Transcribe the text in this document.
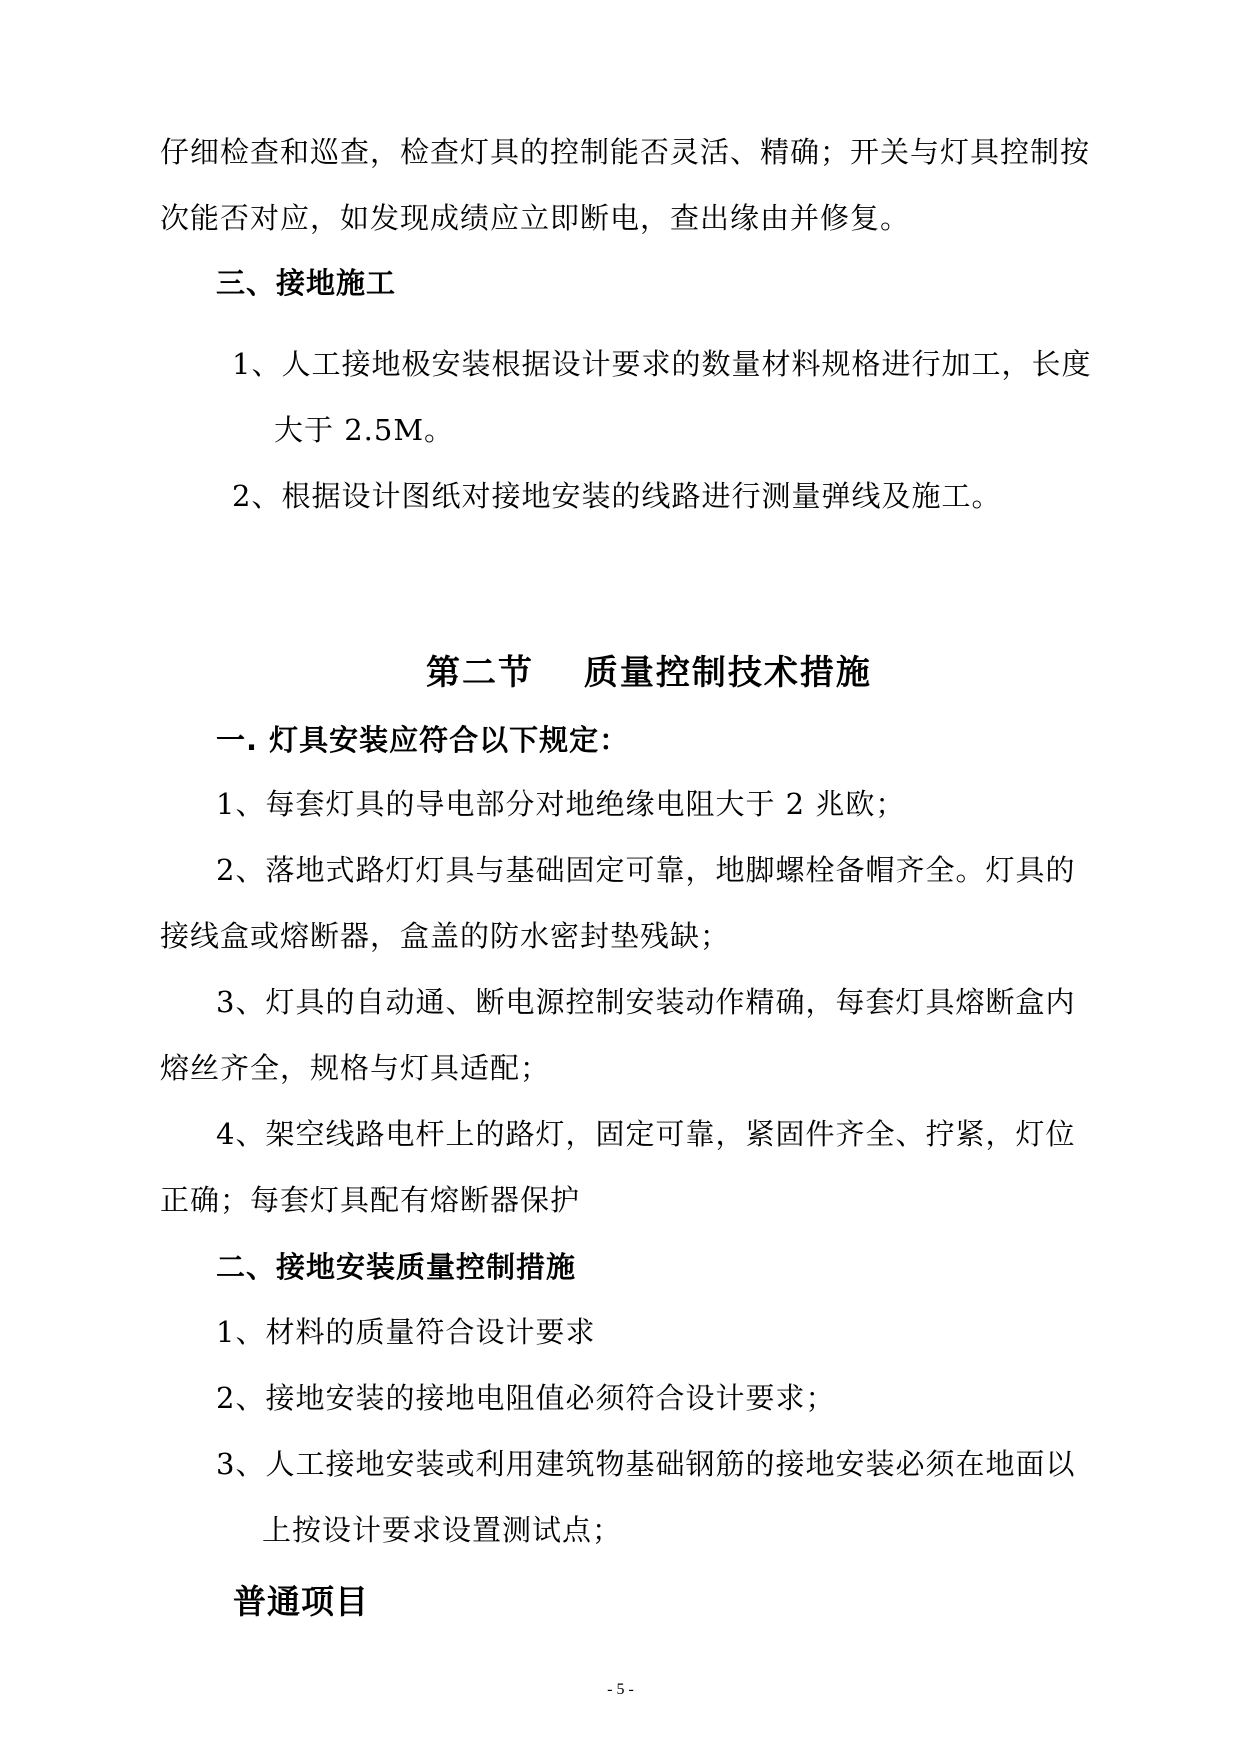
仔细检查和巡查，检查灯具的控制能否灵活、精确；开关与灯具控制按
次能否对应，如发现成绩应立即断电，查出缘由并修复。
三、接地施工
1、人工接地极安装根据设计要求的数量材料规格进行加工，长度
大于 2.5M。
2、根据设计图纸对接地安装的线路进行测量弹线及施工。
第二节　 质量控制技术措施
一. 灯具安装应符合以下规定：
1、每套灯具的导电部分对地绝缘电阻大于 2 兆欧；
2、落地式路灯灯具与基础固定可靠，地脚螺栓备帽齐全。灯具的
接线盒或熔断器，盒盖的防水密封垫残缺；
3、灯具的自动通、断电源控制安装动作精确，每套灯具熔断盒内
熔丝齐全，规格与灯具适配；
4、架空线路电杆上的路灯，固定可靠，紧固件齐全、拧紧，灯位
正确；每套灯具配有熔断器保护
二、接地安装质量控制措施
1、材料的质量符合设计要求
2、接地安装的接地电阻值必须符合设计要求；
3、人工接地安装或利用建筑物基础钢筋的接地安装必须在地面以
上按设计要求设置测试点；
普通项目
- 5 -
